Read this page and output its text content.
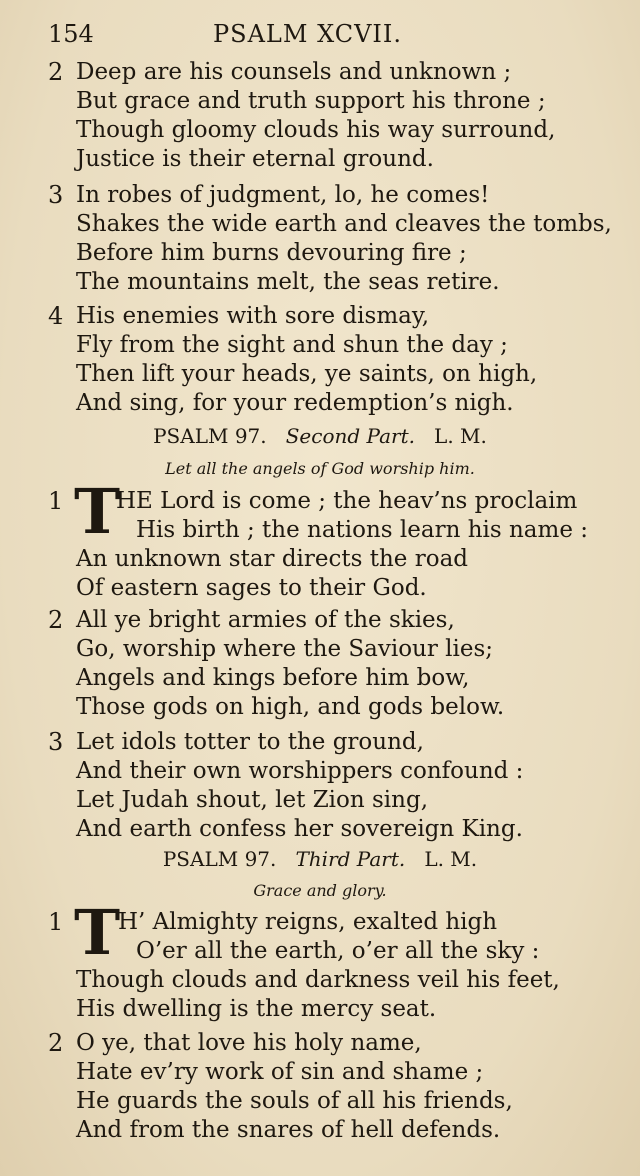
154	PSALM XCVII.
2 Deep are his counsels and unknown ;
But grace and truth support his throne ;
Though gloomy clouds his way surround,
Justice is their eternal ground.
3 In robes of judgment, lo, he comes!
Shakes the wide earth and cleaves the tombs,
Before him burns devouring fire ;
The mountains melt, the seas retire.
4 His enemies with sore dismay,
Fly from the sight and shun the day ;
Then lift your heads, ye saints, on high,
And sing, for your redemption’s nigh.
PSALM 97. Second Part. L. M.
Let all the angels of God worship him.
1 T
HE Lord is come ; the heav’ns proclaim
His birth ; the nations learn his name :
An unknown star directs the road
Of eastern sages to their God.
2 All ye bright armies of the skies,
Go, worship where the Saviour lies;
Angels and kings before him bow,
Those gods on high, and gods below.
3 Let idols totter to the ground,
And their own worshippers confound :
Let Judah shout, let Zion sing,
And earth confess her sovereign King.
PSALM 97. Third Part. L. M.
Grace and glory.
1 T
H’ Almighty reigns, exalted high
O’er all the earth, o’er all the sky :
Though clouds and darkness veil his feet,
His dwelling is the mercy seat.
2 O ye, that love his holy name,
Hate ev’ry work of sin and shame ;
He guards the souls of all his friends,
And from the snares of hell defends.
